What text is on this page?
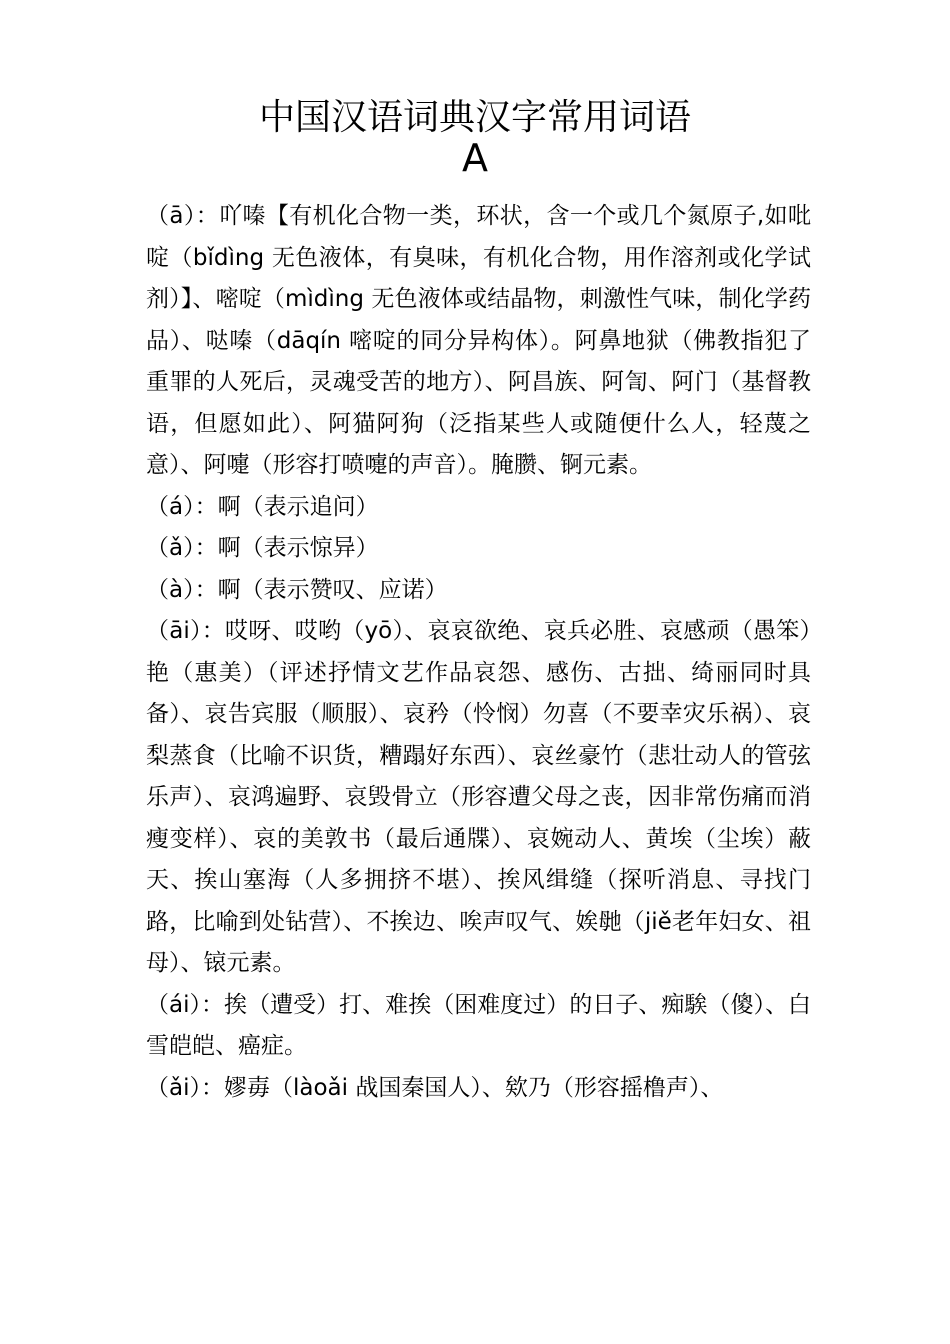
中国汉语词典汉字常用词语
A

（ā）：吖嗪【有机化合物一类，环状，含一个或几个氮原子,如吡啶（bǐdìng 无色液体，有臭味，有机化合物，用作溶剂或化学试剂）】、嘧啶（mìdìng 无色液体或结晶物，刺激性气味，制化学药品）、哒嗪（dāqín 嘧啶的同分异构体）。阿鼻地狱（佛教指犯了重罪的人死后，灵魂受苦的地方）、阿昌族、阿訇、阿门（基督教语，但愿如此）、阿猫阿狗（泛指某些人或随便什么人，轻蔑之意）、阿嚏（形容打喷嚏的声音）。腌臜、锕元素。

（á）：啊（表示追问）

（ǎ）：啊（表示惊异）

（à）：啊（表示赞叹、应诺）

（āi）：哎呀、哎哟（yō）、哀哀欲绝、哀兵必胜、哀感顽（愚笨）艳（惠美）（评述抒情文艺作品哀怨、感伤、古拙、绮丽同时具备）、哀告宾服（顺服）、哀矜（怜悯）勿喜（不要幸灾乐祸）、哀梨蒸食（比喻不识货，糟蹋好东西）、哀丝豪竹（悲壮动人的管弦乐声）、哀鸿遍野、哀毁骨立（形容遭父母之丧，因非常伤痛而消瘦变样）、哀的美敦书（最后通牒）、哀婉动人、黄埃（尘埃）蔽天、挨山塞海（人多拥挤不堪）、挨风缉缝（探听消息、寻找门路，比喻到处钻营）、不挨边、唉声叹气、娭毑（jiě老年妇女、祖母）、锿元素。

（ái）：挨（遭受）打、难挨（困难度过）的日子、痴騃（傻）、白雪皑皑、癌症。

（ǎi）：嫪毐（làoǎi 战国秦国人）、欸乃（形容摇橹声）、
